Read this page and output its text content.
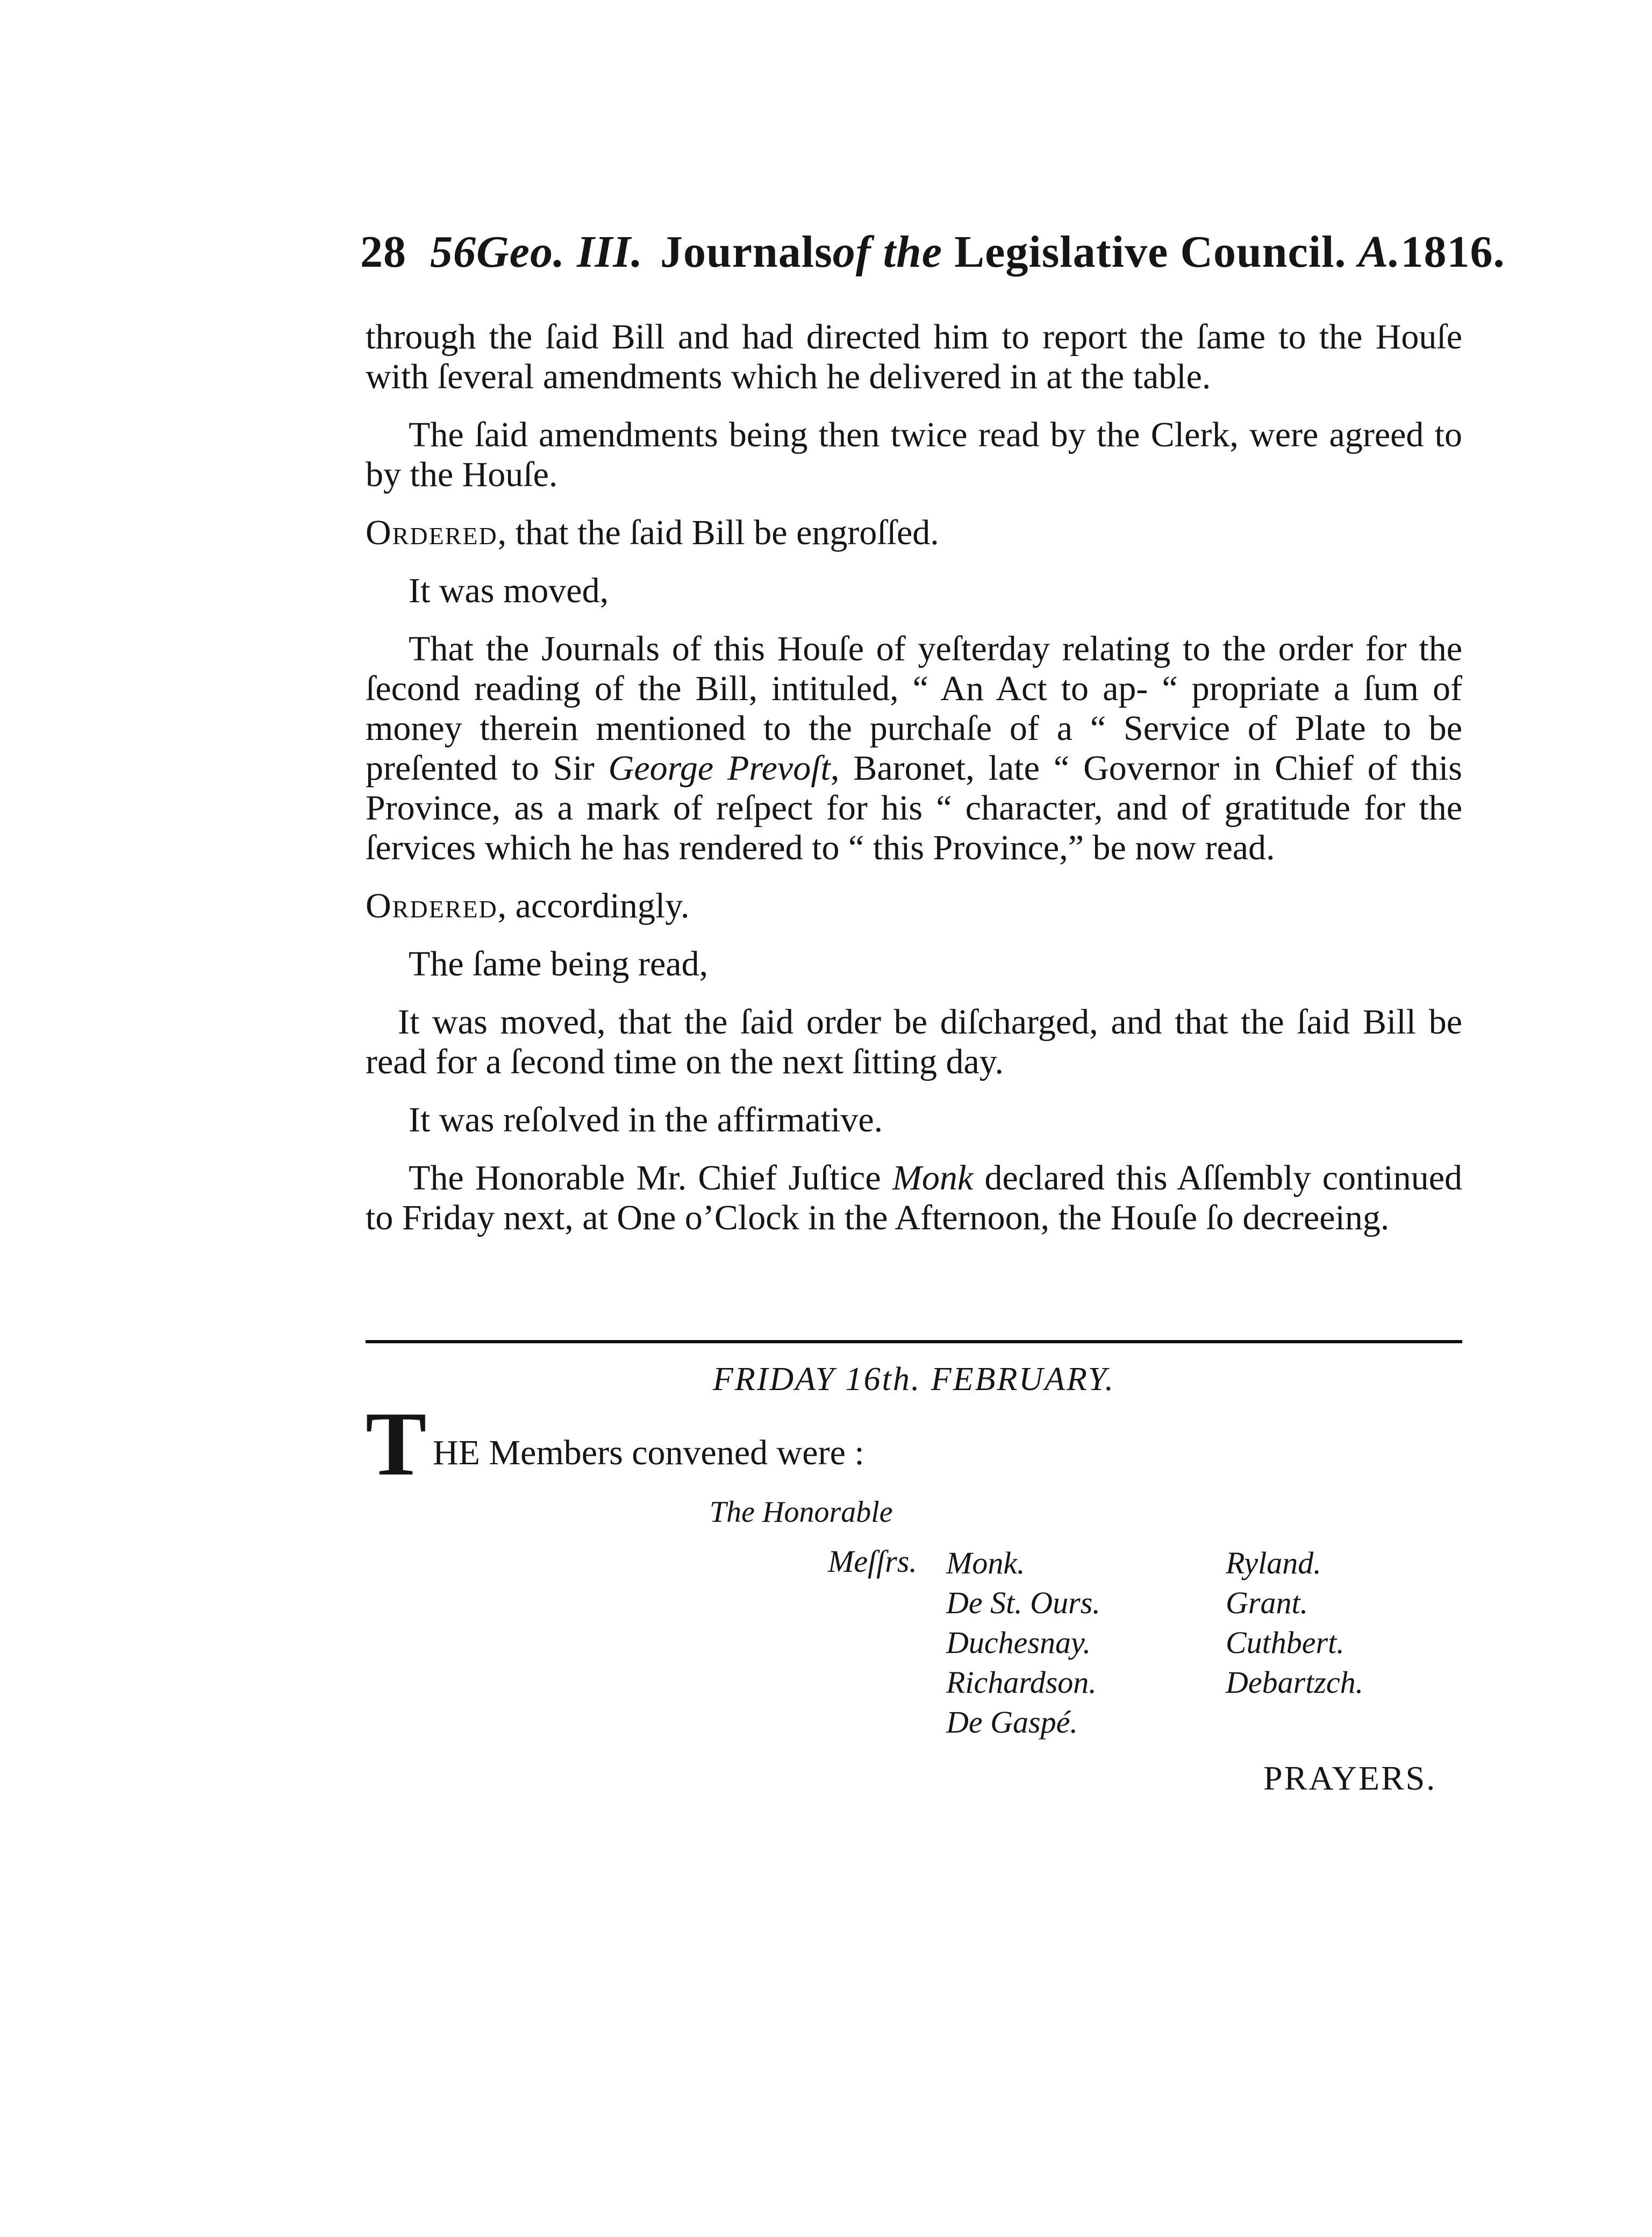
28 56Geo. III. Journalsof the Legislative Council. A.1816.

through the ſaid Bill and had directed him to report the ſame to the Houſe with ſeveral amendments which he delivered in at the table.

The ſaid amendments being then twice read by the Clerk, were agreed to by the Houſe.

Ordered, that the ſaid Bill be engroſſed.

It was moved,

That the Journals of this Houſe of yeſterday relating to the order for the ſecond reading of the Bill, intituled, “ An Act to ap- “ propriate a ſum of money therein mentioned to the purchaſe of a “ Service of Plate to be preſented to Sir George Prevoſt, Baronet, late “ Governor in Chief of this Province, as a mark of reſpect for his “ character, and of gratitude for the ſervices which he has rendered to “ this Province,” be now read.

Ordered, accordingly.

The ſame being read,

It was moved, that the ſaid order be diſcharged, and that the ſaid Bill be read for a ſecond time on the next ſitting day.

It was reſolved in the affirmative.

The Honorable Mr. Chief Juſtice Monk declared this Aſſembly continued to Friday next, at One o’Clock in the Afternoon, the Houſe ſo decreeing.

FRIDAY 16th. FEBRUARY.
T HE Members convened were :
The Honorable
Meſſrs. Monk.
De St. Ours.
Duchesnay.
Richardson.
De Gaspé.
Ryland.
Grant.
Cuthbert.
Debartzch.
PRAYERS.
